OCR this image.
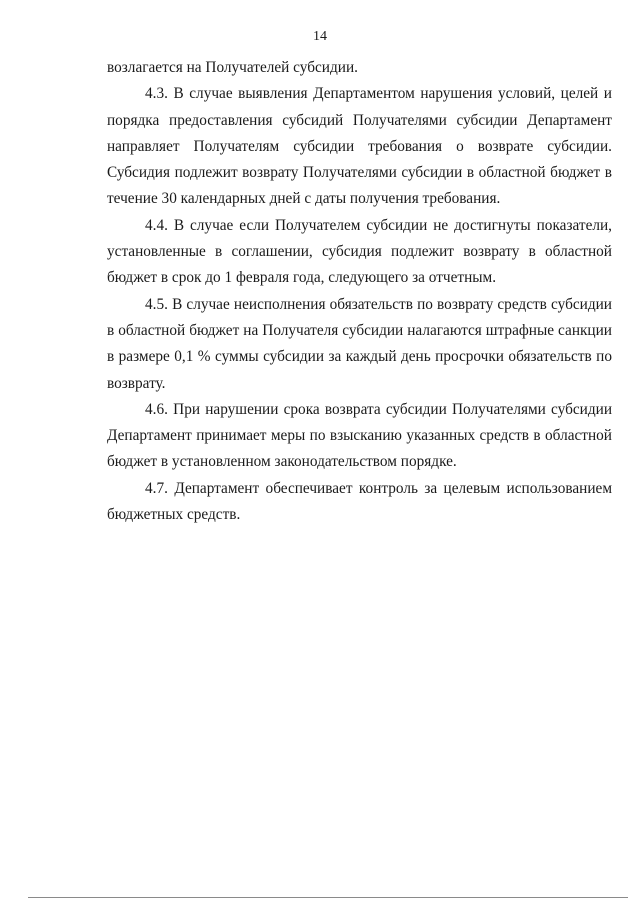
14

возлагается на Получателей субсидии.

4.3. В случае выявления Департаментом нарушения условий, целей и порядка предоставления субсидий Получателями субсидии Департамент направляет Получателям субсидии требования о возврате субсидии. Субсидия подлежит возврату Получателями субсидии в областной бюджет в течение 30 календарных дней с даты получения требования.

4.4. В случае если Получателем субсидии не достигнуты показатели, установленные в соглашении, субсидия подлежит возврату в областной бюджет в срок до 1 февраля года, следующего за отчетным.

4.5. В случае неисполнения обязательств по возврату средств субсидии в областной бюджет на Получателя субсидии налагаются штрафные санкции в размере 0,1 % суммы субсидии за каждый день просрочки обязательств по возврату.

4.6. При нарушении срока возврата субсидии Получателями субсидии Департамент принимает меры по взысканию указанных средств в областной бюджет в установленном законодательством порядке.

4.7. Департамент обеспечивает контроль за целевым использованием бюджетных средств.
